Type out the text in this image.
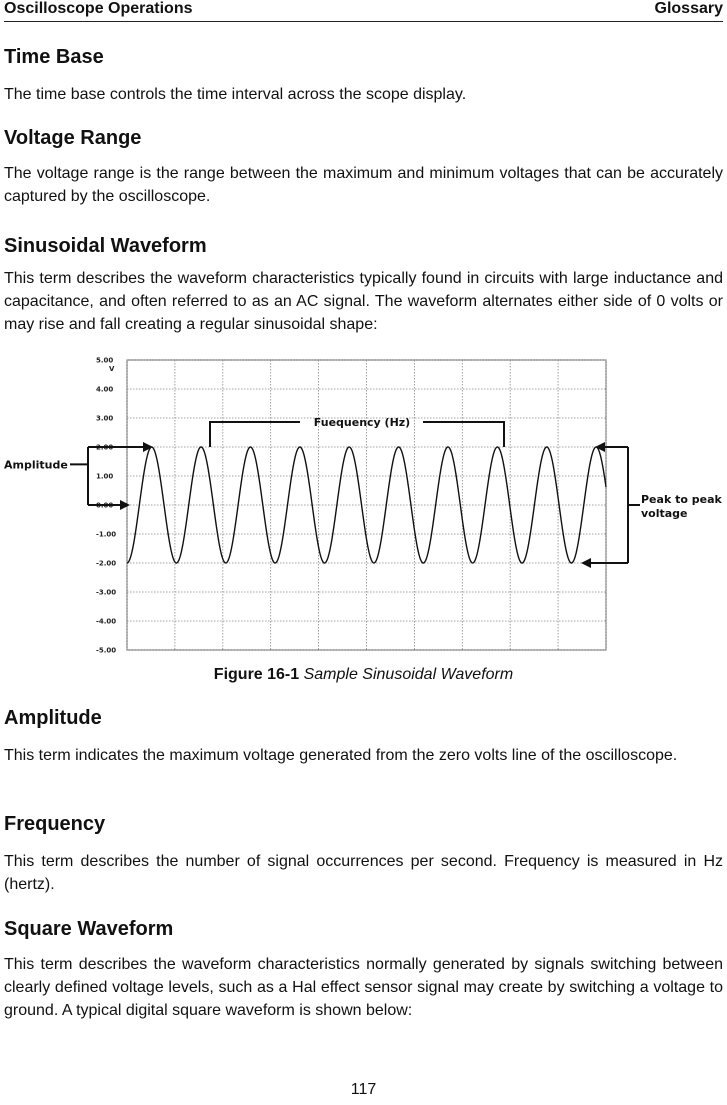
Oscilloscope Operations	Glossary
Time Base

The time base controls the time interval across the scope display.

Voltage Range

The voltage range is the range between the maximum and minimum voltages that can be accurately captured by the oscilloscope.

Sinusoidal Waveform

This term describes the waveform characteristics typically found in circuits with large inductance and capacitance, and often referred to as an AC signal. The waveform alternates either side of 0 volts or may rise and fall creating a regular sinusoidal shape:

5.00
4.00
3.00
2.00
1.00
0.00
-1.00
-2.00
-3.00
-4.00
-5.00
V
Fuequency (Hz)
Amplitude
Peak to peak
voltage
Figure 16-1 Sample Sinusoidal Waveform
Amplitude

This term indicates the maximum voltage generated from the zero volts line of the oscilloscope.

Frequency

This term describes the number of signal occurrences per second. Frequency is measured in Hz (hertz).

Square Waveform

This term describes the waveform characteristics normally generated by signals switching between clearly defined voltage levels, such as a Hal effect sensor signal may create by switching a voltage to ground. A typical digital square waveform is shown below:

117
